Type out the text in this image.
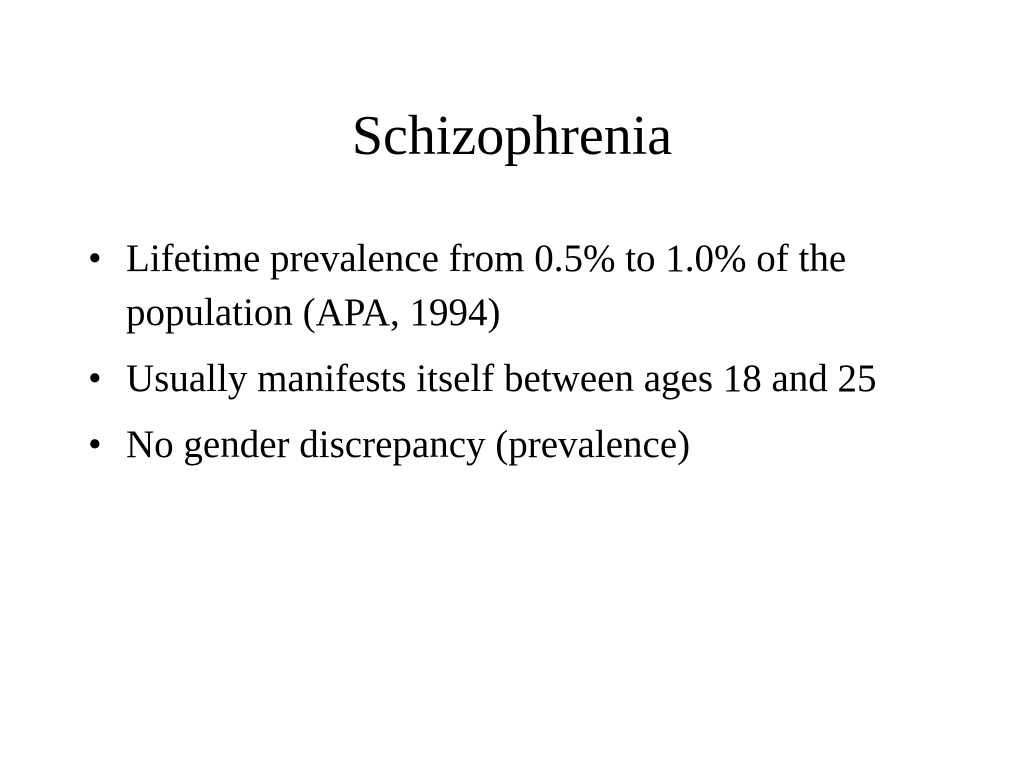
Schizophrenia
• Lifetime prevalence from 0.5% to 1.0% of the population (APA, 1994)
• Usually manifests itself between ages 18 and 25
• No gender discrepancy (prevalence)
